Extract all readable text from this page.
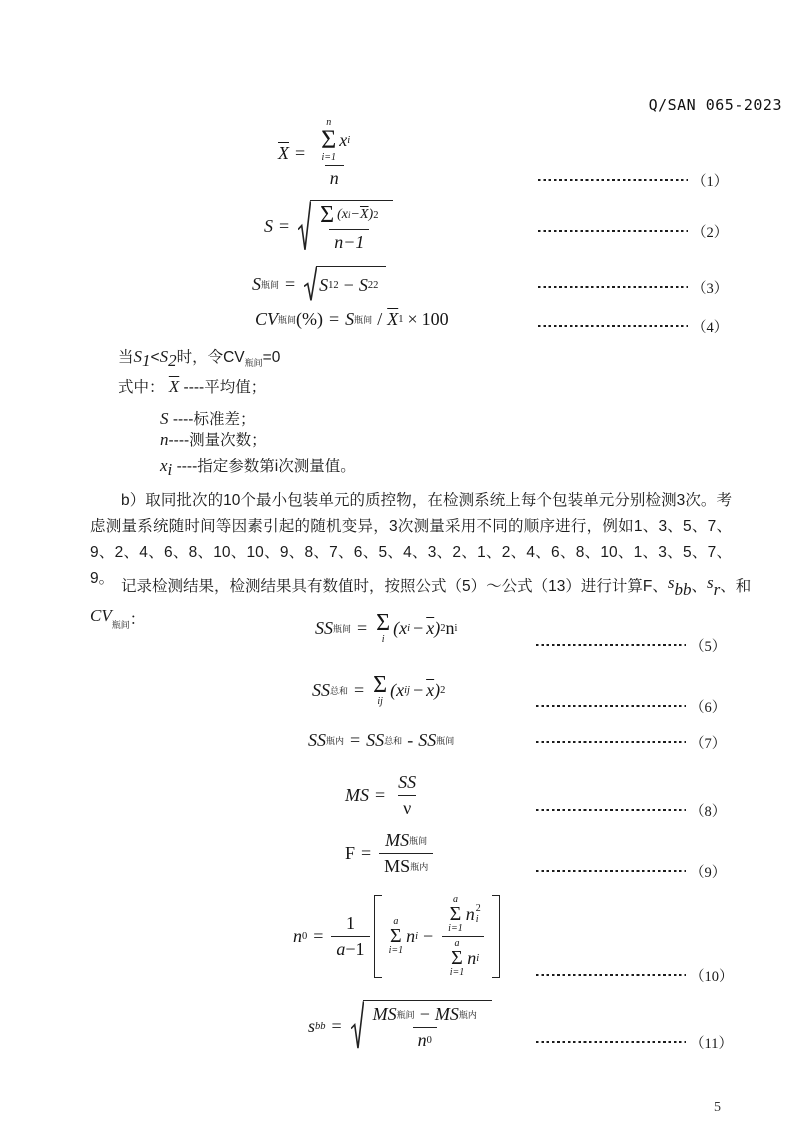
Q/SAN 065-2023
$\overline{X} = n$
Σ
i=1
x i
n	（1）
$S = \frac{\Sigma (x i - \overline{X} ) 2}{n-1}$	（2）
S 瓶间 = S 1 2 − S 2 2	（3）
CV 瓶间 (%) = S 瓶间 / $\overline{X}$ 1 × 100	（4）
当S1<S2时，令$CV_{瓶间}=0$
式中： $\overline{X}$ ----平均值；
S ----标准差；
n----测量次数；
xi ----指定参数第i次测量值。
b）取同批次的10个最小包装单元的质控物，在检测系统上每个包装单元分别检测3次。考虑测量系统随时间等因素引起的随机变异，3次测量采用不同的顺序进行，例如1、3、5、7、9、2、4、6、8、10、10、9、8、7、6、5、4、3、2、1、2、4、6、8、10、1、3、5、7、9。 记录检测结果，检测结果具有数值时，按照公式（5）～公式（13）进行计算F、sbb、sr、和$CV_{瓶间}$：	SS 瓶间 = Σ
i
(x $i - \overline{x}$ ) 2 n i
（5）
SS 总和 = Σ
ij
(x ij − $\overline{x}$ ) 2
（6）
SS 瓶内 = SS 总和 - SS 瓶间	（7）
MS = $\frac{SS}{\nu}$	（8）
$F = \frac{\text{MS 瓶间}}{\text{MS 瓶内}}$	（9）
n $0 = \frac{1}{a -1}$ a
Σ
i=1
n i − a
Σ
i=1
n 2
i
a
Σ
i=1
n i	（10）
s bb = $\frac{\text{MS 瓶间 − MS 瓶内}}{n 0}$	（11）
5
